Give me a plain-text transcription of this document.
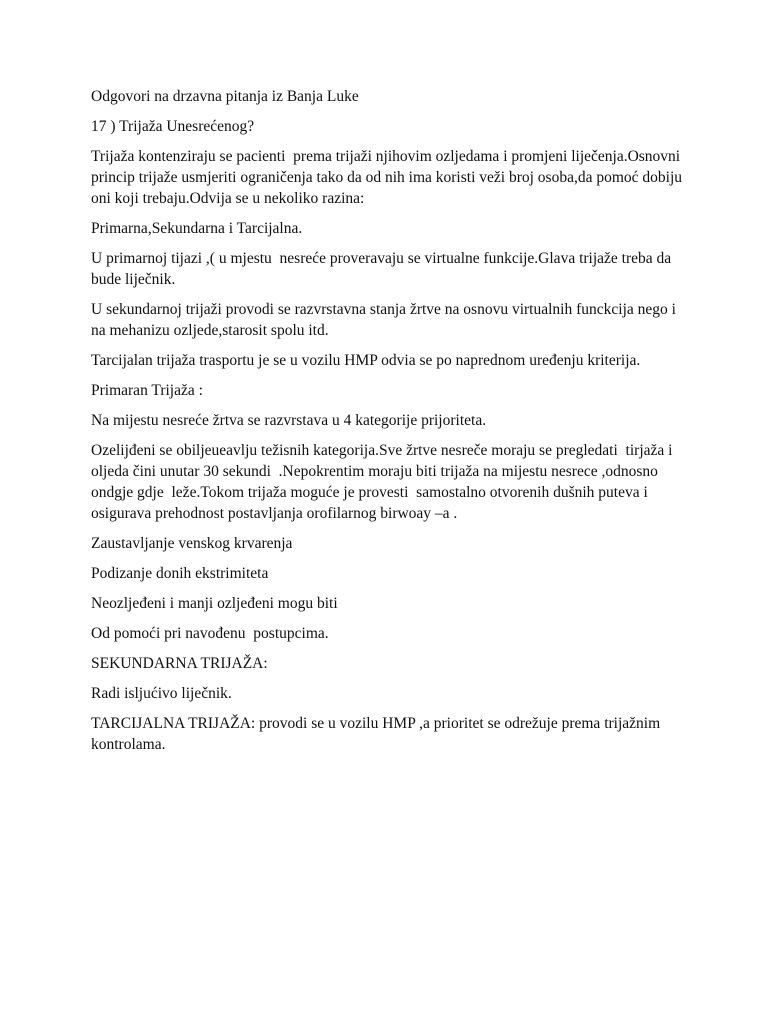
Odgovori na drzavna pitanja iz Banja Luke

17 ) Trijaža Unesrećenog?

Trijaža kontenziraju se pacienti  prema trijaži njihovim ozljedama i promjeni liječenja.Osnovni princip trijaže usmjeriti ograničenja tako da od nih ima koristi veži broj osoba,da pomoć dobiju oni koji trebaju.Odvija se u nekoliko razina:

Primarna,Sekundarna i Tarcijalna.

U primarnoj tijazi ,( u mjestu  nesreće proveravaju se virtualne funkcije.Glava trijaže treba da bude liječnik.

U sekundarnoj trijaži provodi se razvrstavna stanja žrtve na osnovu virtualnih funckcija nego i na mehanizu ozljede,starosit spolu itd.

Tarcijalan trijaža trasportu je se u vozilu HMP odvia se po naprednom uređenju kriterija.

Primaran Trijaža :

Na mijestu nesreće žrtva se razvrstava u 4 kategorije prijoriteta.

Ozelijđeni se obiljeueavlju težisnih kategorija.Sve žrtve nesreče moraju se pregledati  tirjaža i oljeda čini unutar 30 sekundi  .Nepokrentim moraju biti trijaža na mijestu nesrece ,odnosno ondgje gdje  leže.Tokom trijaža moguće je provesti  samostalno otvorenih dušnih puteva i osigurava prehodnost postavljanja orofilarnog birwoay –a .

Zaustavljanje venskog krvarenja

Podizanje donih ekstrimiteta

Neozljeđeni i manji ozljeđeni mogu biti

Od pomoći pri navođenu  postupcima.

SEKUNDARNA TRIJAŽA:

Radi isljućivo liječnik.

TARCIJALNA TRIJAŽA: provodi se u vozilu HMP ,a prioritet se odrežuje prema trijažnim kontrolama.
